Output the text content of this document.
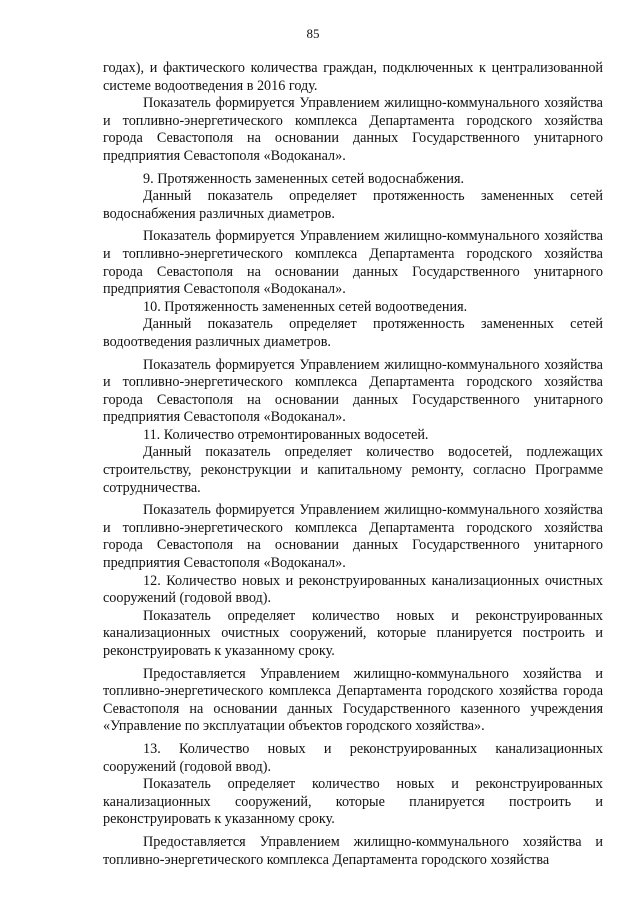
85

годах), и фактического количества граждан, подключенных к централизованной системе водоотведения в 2016 году.

Показатель формируется Управлением жилищно-коммунального хозяйства и топливно-энергетического комплекса Департамента городского хозяйства города Севастополя на основании данных Государственного унитарного предприятия Севастополя «Водоканал».

9. Протяженность замененных сетей водоснабжения.

Данный показатель определяет протяженность замененных сетей водоснабжения различных диаметров.

Показатель формируется Управлением жилищно-коммунального хозяйства и топливно-энергетического комплекса Департамента городского хозяйства города Севастополя на основании данных Государственного унитарного предприятия Севастополя «Водоканал».

10. Протяженность замененных сетей водоотведения.

Данный показатель определяет протяженность замененных сетей водоотведения различных диаметров.

Показатель формируется Управлением жилищно-коммунального хозяйства и топливно-энергетического комплекса Департамента городского хозяйства города Севастополя на основании данных Государственного унитарного предприятия Севастополя «Водоканал».

11. Количество отремонтированных водосетей.

Данный показатель определяет количество водосетей, подлежащих строительству, реконструкции и капитальному ремонту, согласно Программе сотрудничества.

Показатель формируется Управлением жилищно-коммунального хозяйства и топливно-энергетического комплекса Департамента городского хозяйства города Севастополя на основании данных Государственного унитарного предприятия Севастополя «Водоканал».

12. Количество новых и реконструированных канализационных очистных сооружений (годовой ввод).

Показатель определяет количество новых и реконструированных канализационных очистных сооружений, которые планируется построить и реконструировать к указанному сроку.

Предоставляется Управлением жилищно-коммунального хозяйства и топливно-энергетического комплекса Департамента городского хозяйства города Севастополя на основании данных Государственного казенного учреждения «Управление по эксплуатации объектов городского хозяйства».

13. Количество новых и реконструированных канализационных сооружений (годовой ввод).

Показатель определяет количество новых и реконструированных канализационных сооружений, которые планируется построить и реконструировать к указанному сроку.

Предоставляется Управлением жилищно-коммунального хозяйства и топливно-энергетического комплекса Департамента городского хозяйства
